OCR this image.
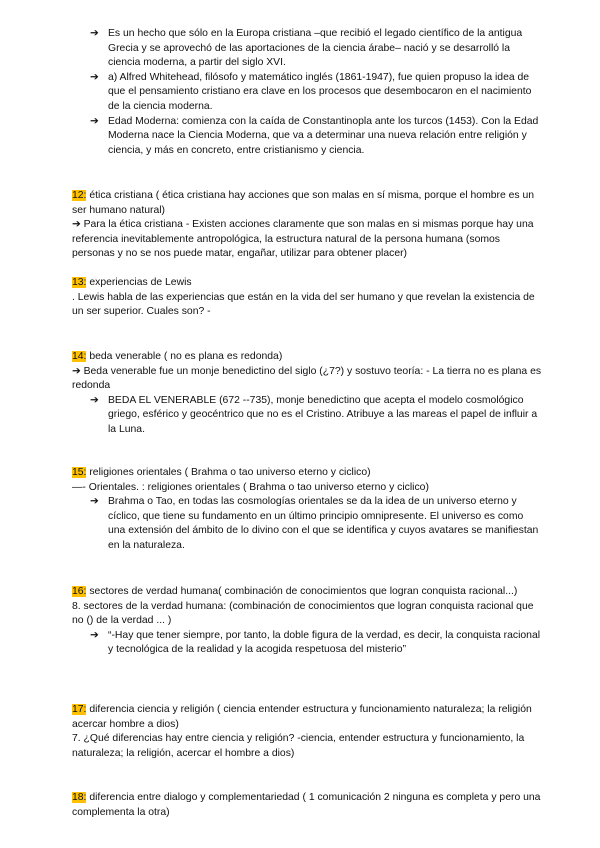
➔ Es un hecho que sólo en la Europa cristiana –que recibió el legado científico de la antigua Grecia y se aprovechó de las aportaciones de la ciencia árabe– nació y se desarrolló la ciencia moderna, a partir del siglo XVI.
➔ a) Alfred Whitehead, filósofo y matemático inglés (1861-1947), fue quien propuso la idea de que el pensamiento cristiano era clave en los procesos que desembocaron en el nacimiento de la ciencia moderna.
➔ Edad Moderna: comienza con la caída de Constantinopla ante los turcos (1453). Con la Edad Moderna nace la Ciencia Moderna, que va a determinar una nueva relación entre religión y ciencia, y más en concreto, entre cristianismo y ciencia.

12: ética cristiana ( ética cristiana hay acciones que son malas en sí misma, porque el hombre es un ser humano natural)

➔ Para la ética cristiana - Existen acciones claramente que son malas en si mismas porque hay una referencia inevitablemente antropológica, la estructura natural de la persona humana (somos personas y no se nos puede matar, engañar, utilizar para obtener placer)

13: experiencias de Lewis

. Lewis habla de las experiencias que están en la vida del ser humano y que revelan la existencia de un ser superior. Cuales son? -

14: beda venerable ( no es plana es redonda)

➔ Beda venerable fue un monje benedictino del siglo (¿7?) y sostuvo teoría: - La tierra no es plana es redonda

➔ BEDA EL VENERABLE (672 --735), monje benedictino que acepta el modelo cosmológico griego, esférico y geocéntrico que no es el Cristino. Atribuye a las mareas el papel de influir a la Luna.

15: religiones orientales ( Brahma o tao universo eterno y ciclico)

—- Orientales. : religiones orientales ( Brahma o tao universo eterno y ciclico)

➔ Brahma o Tao, en todas las cosmologías orientales se da la idea de un universo eterno y cíclico, que tiene su fundamento en un último principio omnipresente. El universo es como una extensión del ámbito de lo divino con el que se identifica y cuyos avatares se manifiestan en la naturaleza.

16: sectores de verdad humana( combinación de conocimientos que logran conquista racional...)

8. sectores de la verdad humana: (combinación de conocimientos que logran conquista racional que no () de la verdad ... )

➔ “-Hay que tener siempre, por tanto, la doble figura de la verdad, es decir, la conquista racional y tecnológica de la realidad y la acogida respetuosa del misterio”

17: diferencia ciencia y religión ( ciencia entender estructura y funcionamiento naturaleza; la religión acercar hombre a dios)

7. ¿Qué diferencias hay entre ciencia y religión? -ciencia, entender estructura y funcionamiento, la naturaleza; la religión, acercar el hombre a dios)

18: diferencia entre dialogo y complementariedad ( 1 comunicación 2 ninguna es completa y pero una complementa la otra)
